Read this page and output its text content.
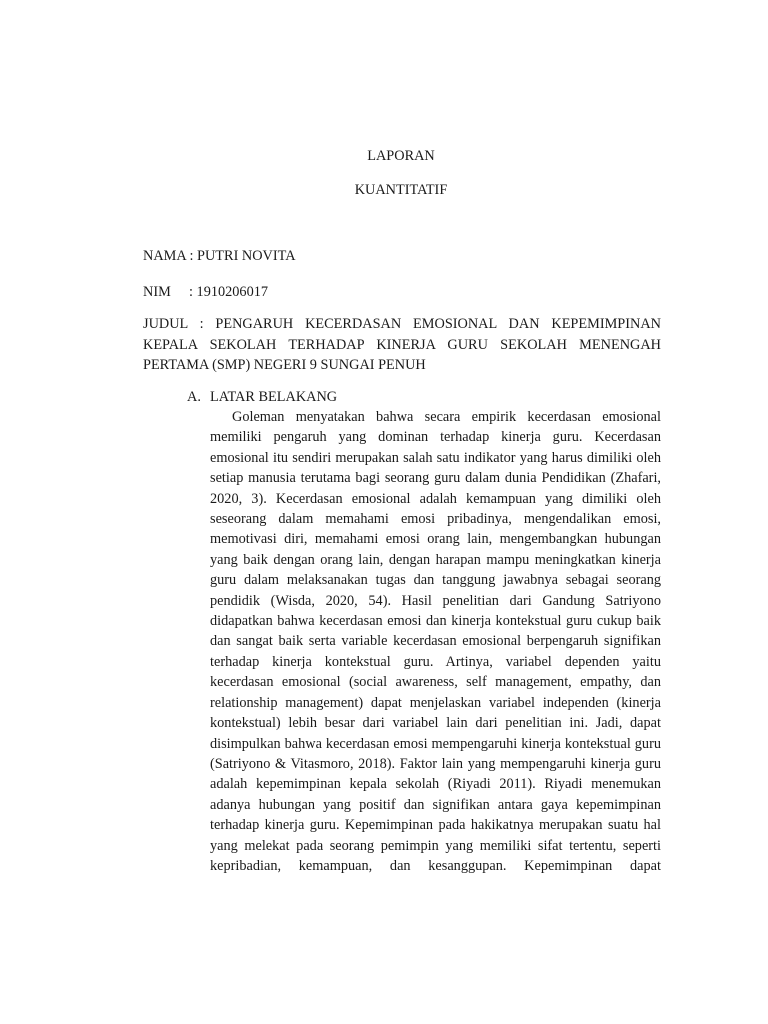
LAPORAN
KUANTITATIF
NAMA : PUTRI NOVITA
NIM : 1910206017
JUDUL : PENGARUH KECERDASAN EMOSIONAL DAN KEPEMIMPINAN KEPALA SEKOLAH TERHADAP KINERJA GURU SEKOLAH MENENGAH PERTAMA (SMP) NEGERI 9 SUNGAI PENUH
A. LATAR BELAKANG
Goleman menyatakan bahwa secara empirik kecerdasan emosional memiliki pengaruh yang dominan terhadap kinerja guru. Kecerdasan emosional itu sendiri merupakan salah satu indikator yang harus dimiliki oleh setiap manusia terutama bagi seorang guru dalam dunia Pendidikan (Zhafari, 2020, 3). Kecerdasan emosional adalah kemampuan yang dimiliki oleh seseorang dalam memahami emosi pribadinya, mengendalikan emosi, memotivasi diri, memahami emosi orang lain, mengembangkan hubungan yang baik dengan orang lain, dengan harapan mampu meningkatkan kinerja guru dalam melaksanakan tugas dan tanggung jawabnya sebagai seorang pendidik (Wisda, 2020, 54). Hasil penelitian dari Gandung Satriyono didapatkan bahwa kecerdasan emosi dan kinerja kontekstual guru cukup baik dan sangat baik serta variable kecerdasan emosional berpengaruh signifikan terhadap kinerja kontekstual guru. Artinya, variabel dependen yaitu kecerdasan emosional (social awareness, self management, empathy, dan relationship management) dapat menjelaskan variabel independen (kinerja kontekstual) lebih besar dari variabel lain dari penelitian ini. Jadi, dapat disimpulkan bahwa kecerdasan emosi mempengaruhi kinerja kontekstual guru (Satriyono & Vitasmoro, 2018). Faktor lain yang mempengaruhi kinerja guru adalah kepemimpinan kepala sekolah (Riyadi 2011). Riyadi menemukan adanya hubungan yang positif dan signifikan antara gaya kepemimpinan terhadap kinerja guru. Kepemimpinan pada hakikatnya merupakan suatu hal yang melekat pada seorang pemimpin yang memiliki sifat tertentu, seperti kepribadian, kemampuan, dan kesanggupan. Kepemimpinan dapat
